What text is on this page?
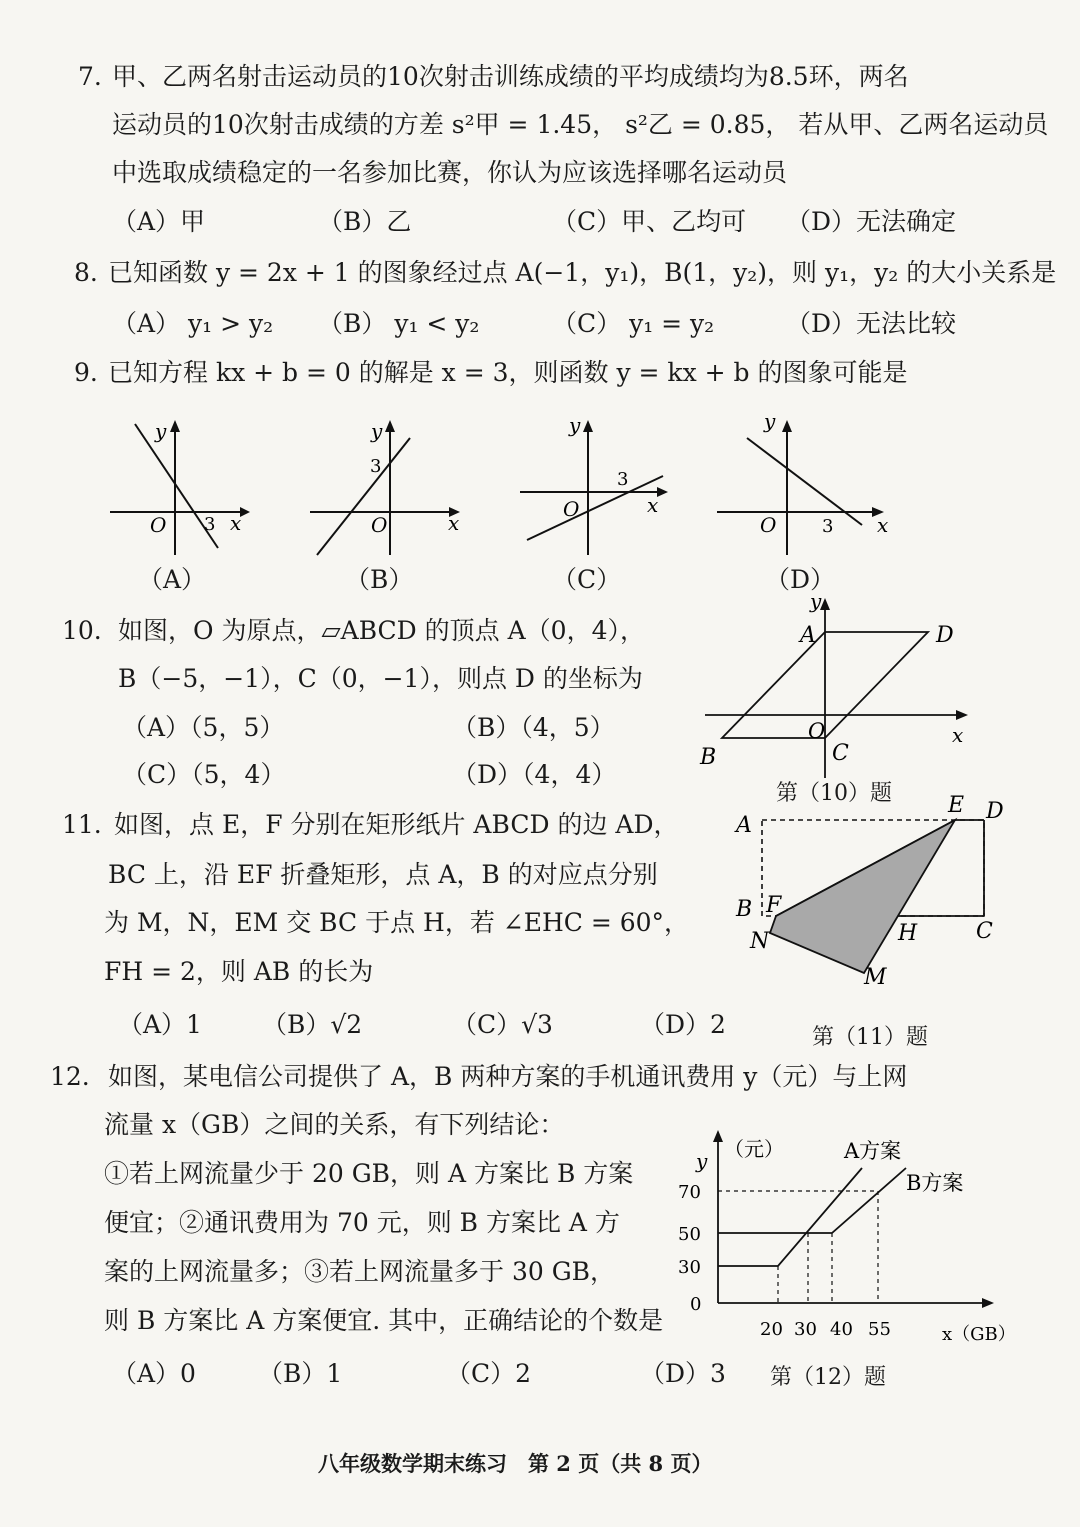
7. 甲、乙两名射击运动员的10次射击训练成绩的平均成绩均为8.5环，两名
运动员的10次射击成绩的方差 s²甲 = 1.45， s²乙 = 0.85， 若从甲、乙两名运动员
中选取成绩稳定的一名参加比赛，你认为应该选择哪名运动员
（A）甲	（B）乙	（C）甲、乙均可 （D）无法确定
8. 已知函数 y = 2x + 1 的图象经过点 A(−1，y₁)，B(1，y₂)，则 y₁，y₂ 的大小关系是
（A） y₁ > y₂ （B） y₁ < y₂	（C） y₁ = y₂	（D）无法比较
9. 已知方程 kx + b = 0 的解是 x = 3，则函数 y = kx + b 的图象可能是
y
O 3 x
（A）
y
3
O	x
（B）
y
3
O	x
（C）
y
O	3 x
（D）
10. 如图，O 为原点，▱ABCD 的顶点 A（0，4），
B（−5，−1），C（0，−1），则点 D 的坐标为
（A）（5，5）	（B）（4，5）
（C）（5，4）	（D）（4，4）
y
A	D
O	x
B	C
第（10）题
11. 如图，点 E，F 分别在矩形纸片 ABCD 的边 AD，
BC 上，沿 EF 折叠矩形，点 A，B 的对应点分别
为 M，N，EM 交 BC 于点 H，若 ∠EHC = 60°，
FH = 2，则 AB 的长为
（A）1 （B）√2	（C）√3	（D）2
E D
A
B F
C
H
N
M
第（11）题
12. 如图，某电信公司提供了 A，B 两种方案的手机通讯费用 y（元）与上网
流量 x（GB）之间的关系，有下列结论：
①若上网流量少于 20 GB，则 A 方案比 B 方案
便宜；②通讯费用为 70 元，则 B 方案比 A 方
案的上网流量多；③若上网流量多于 30 GB，
则 B 方案比 A 方案便宜. 其中，正确结论的个数是
（A）0 （B）1	（C）2	（D）3
y （元）
70
50
30
0
20 30 40 55	x（GB）
A方案
B方案
第（12）题
八年级数学期末练习　第 2 页（共 8 页）
